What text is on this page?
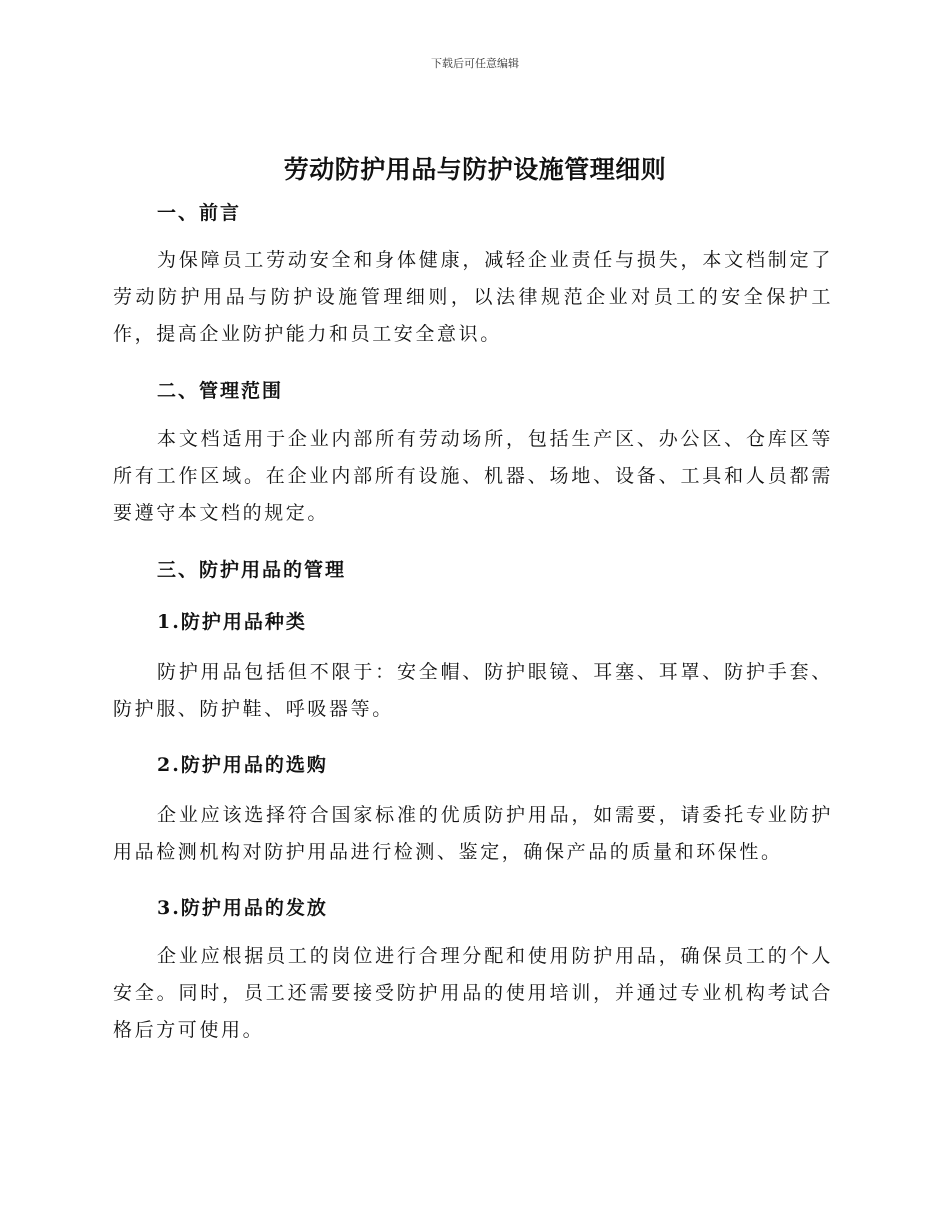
下载后可任意编辑
劳动防护用品与防护设施管理细则
一、前言
为保障员工劳动安全和身体健康，减轻企业责任与损失，本文档制定了劳动防护用品与防护设施管理细则，以法律规范企业对员工的安全保护工作，提高企业防护能力和员工安全意识。
二、管理范围
本文档适用于企业内部所有劳动场所，包括生产区、办公区、仓库区等所有工作区域。在企业内部所有设施、机器、场地、设备、工具和人员都需要遵守本文档的规定。
三、防护用品的管理
1.防护用品种类
防护用品包括但不限于：安全帽、防护眼镜、耳塞、耳罩、防护手套、防护服、防护鞋、呼吸器等。
2.防护用品的选购
企业应该选择符合国家标准的优质防护用品，如需要，请委托专业防护用品检测机构对防护用品进行检测、鉴定，确保产品的质量和环保性。
3.防护用品的发放
企业应根据员工的岗位进行合理分配和使用防护用品，确保员工的个人安全。同时，员工还需要接受防护用品的使用培训，并通过专业机构考试合格后方可使用。
